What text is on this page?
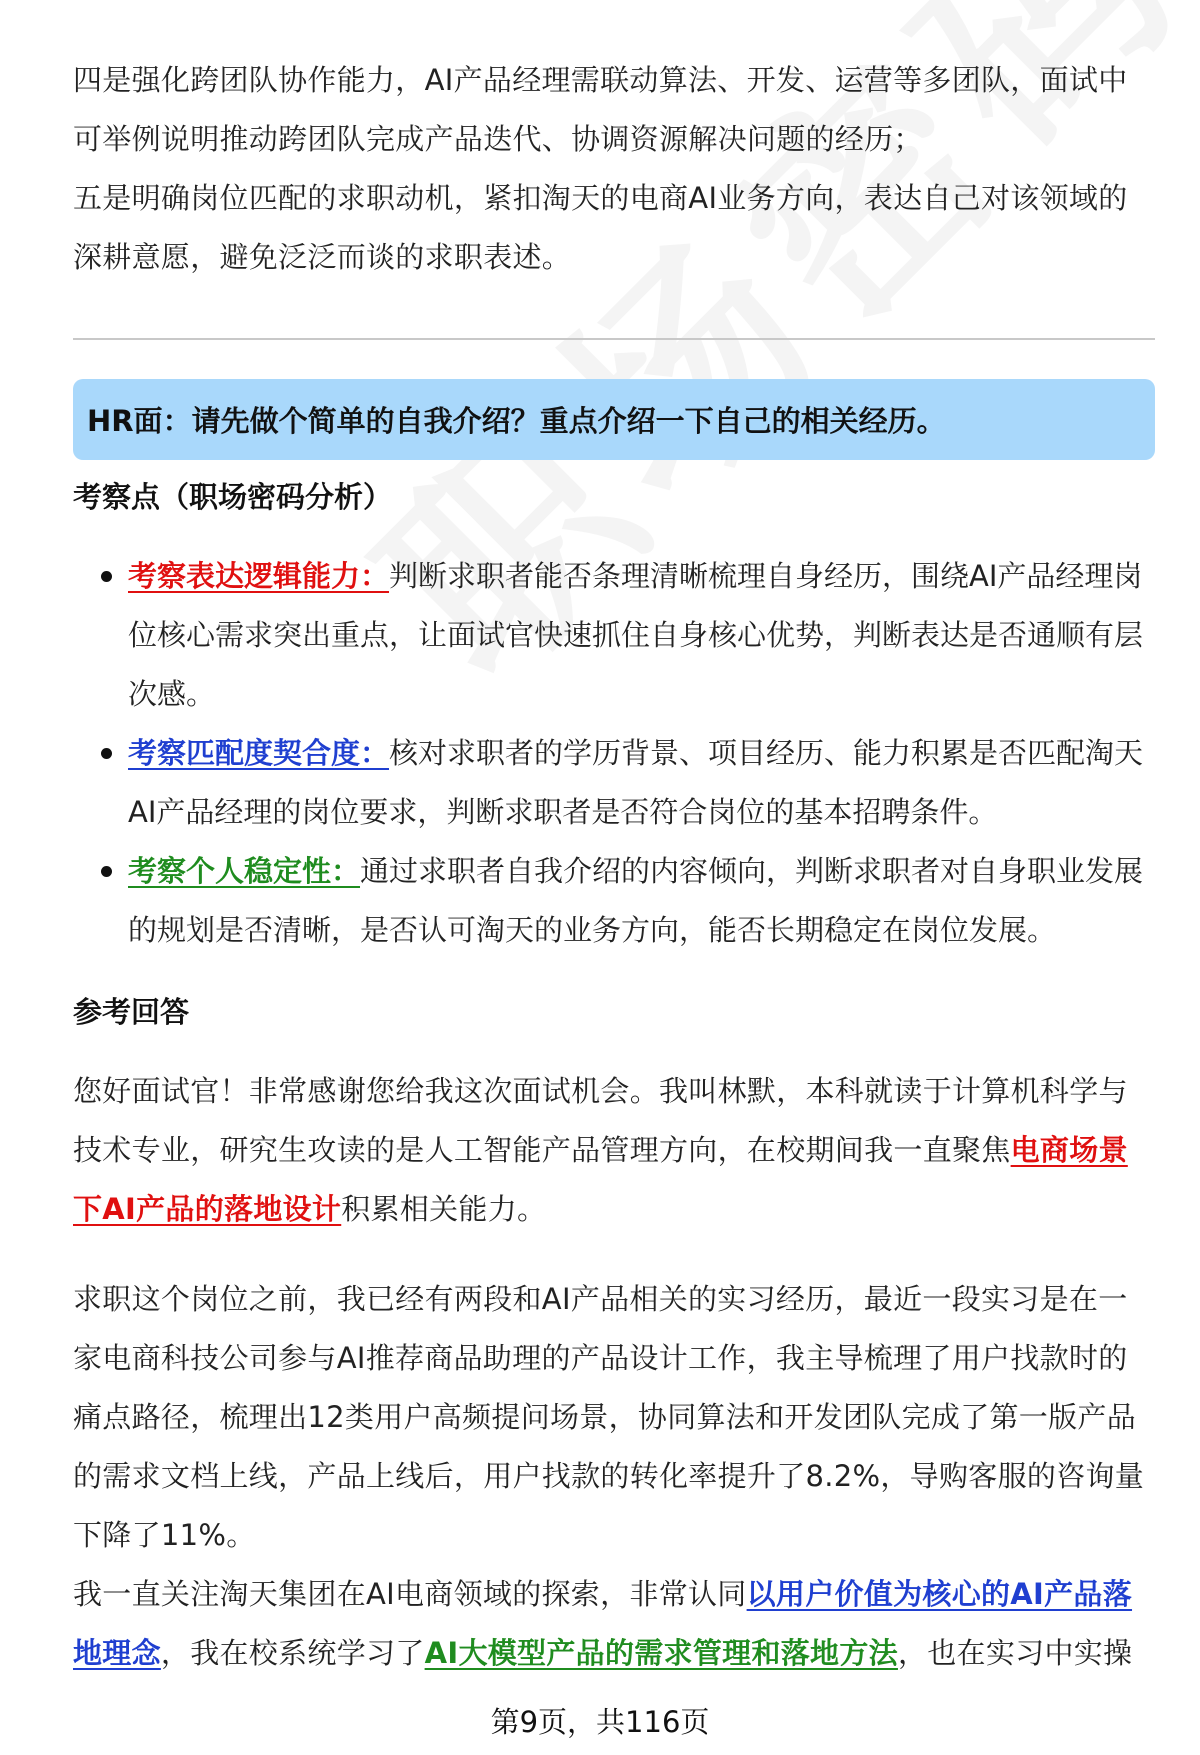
四是强化跨团队协作能力，AI产品经理需联动算法、开发、运营等多团队，面试中
可举例说明推动跨团队完成产品迭代、协调资源解决问题的经历；
五是明确岗位匹配的求职动机，紧扣淘天的电商AI业务方向，表达自己对该领域的
深耕意愿，避免泛泛而谈的求职表述。
HR面：请先做个简单的自我介绍？重点介绍一下自己的相关经历。
考察点（职场密码分析）
考察表达逻辑能力：判断求职者能否条理清晰梳理自身经历，围绕AI产品经理岗位核心需求突出重点，让面试官快速抓住自身核心优势，判断表达是否通顺有层次感。
考察匹配度契合度：核对求职者的学历背景、项目经历、能力积累是否匹配淘天AI产品经理的岗位要求，判断求职者是否符合岗位的基本招聘条件。
考察个人稳定性：通过求职者自我介绍的内容倾向，判断求职者对自身职业发展的规划是否清晰，是否认可淘天的业务方向，能否长期稳定在岗位发展。
参考回答
您好面试官！非常感谢您给我这次面试机会。我叫林默，本科就读于计算机科学与技术专业，研究生攻读的是人工智能产品管理方向，在校期间我一直聚焦电商场景下AI产品的落地设计积累相关能力。
求职这个岗位之前，我已经有两段和AI产品相关的实习经历，最近一段实习是在一家电商科技公司参与AI推荐商品助理的产品设计工作，我主导梳理了用户找款时的痛点路径，梳理出12类用户高频提问场景，协同算法和开发团队完成了第一版产品的需求文档上线，产品上线后，用户找款的转化率提升了8.2%，导购客服的咨询量下降了11%。
我一直关注淘天集团在AI电商领域的探索，非常认同以用户价值为核心的AI产品落地理念，我在校系统学习了AI大模型产品的需求管理和落地方法，也在实习中实操
第9页，共116页
